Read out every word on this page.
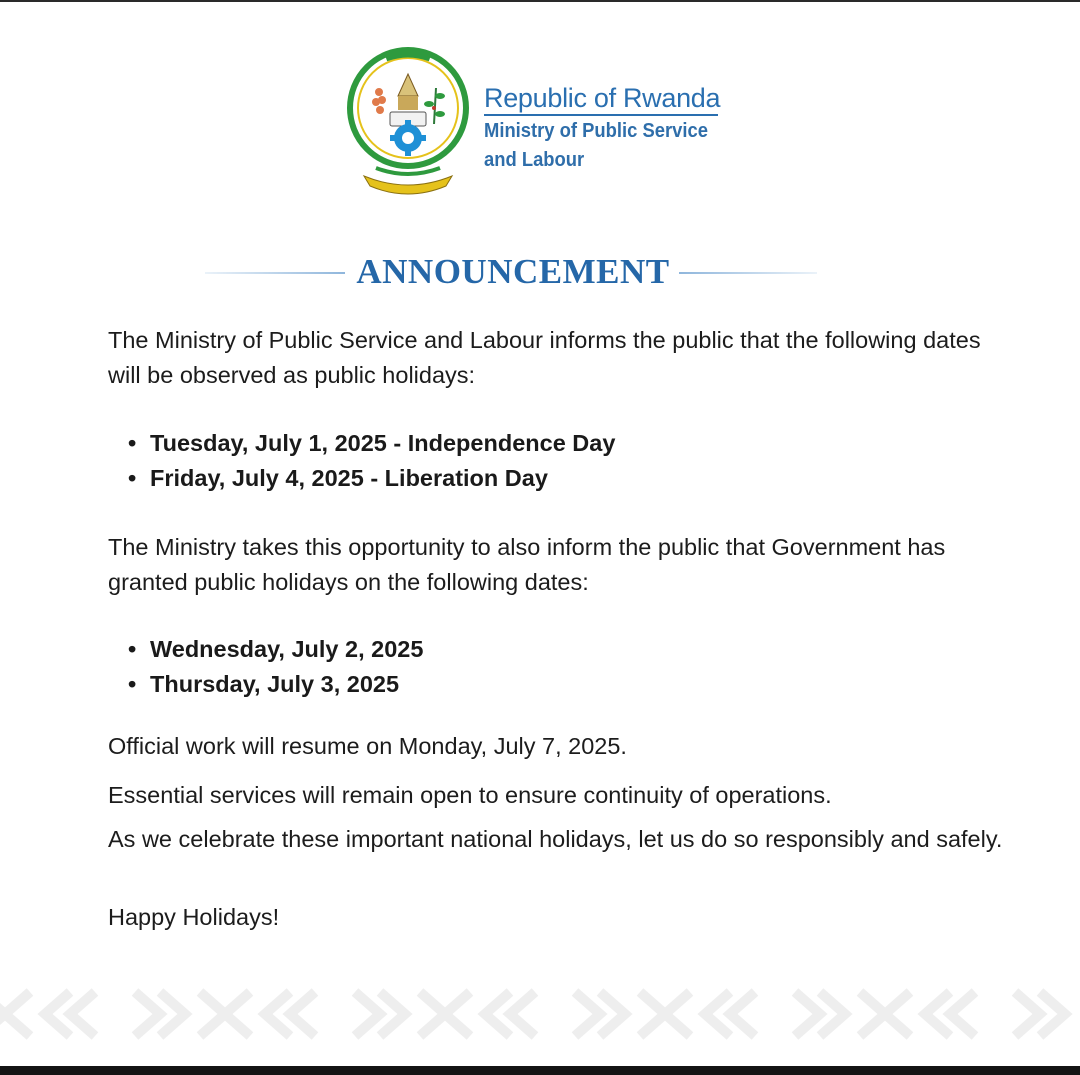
Republic of Rwanda
Ministry of Public Service
and Labour
ANNOUNCEMENT
The Ministry of Public Service and Labour informs the public that the following dates will be observed as public holidays:
• Tuesday, July 1, 2025 - Independence Day
• Friday, July 4, 2025 - Liberation Day
The Ministry takes this opportunity to also inform the public that Government has granted public holidays on the following dates:
• Wednesday, July 2, 2025
• Thursday, July 3, 2025
Official work will resume on Monday, July 7, 2025.
Essential services will remain open to ensure continuity of operations.
As we celebrate these important national holidays, let us do so responsibly and safely.
Happy Holidays!
